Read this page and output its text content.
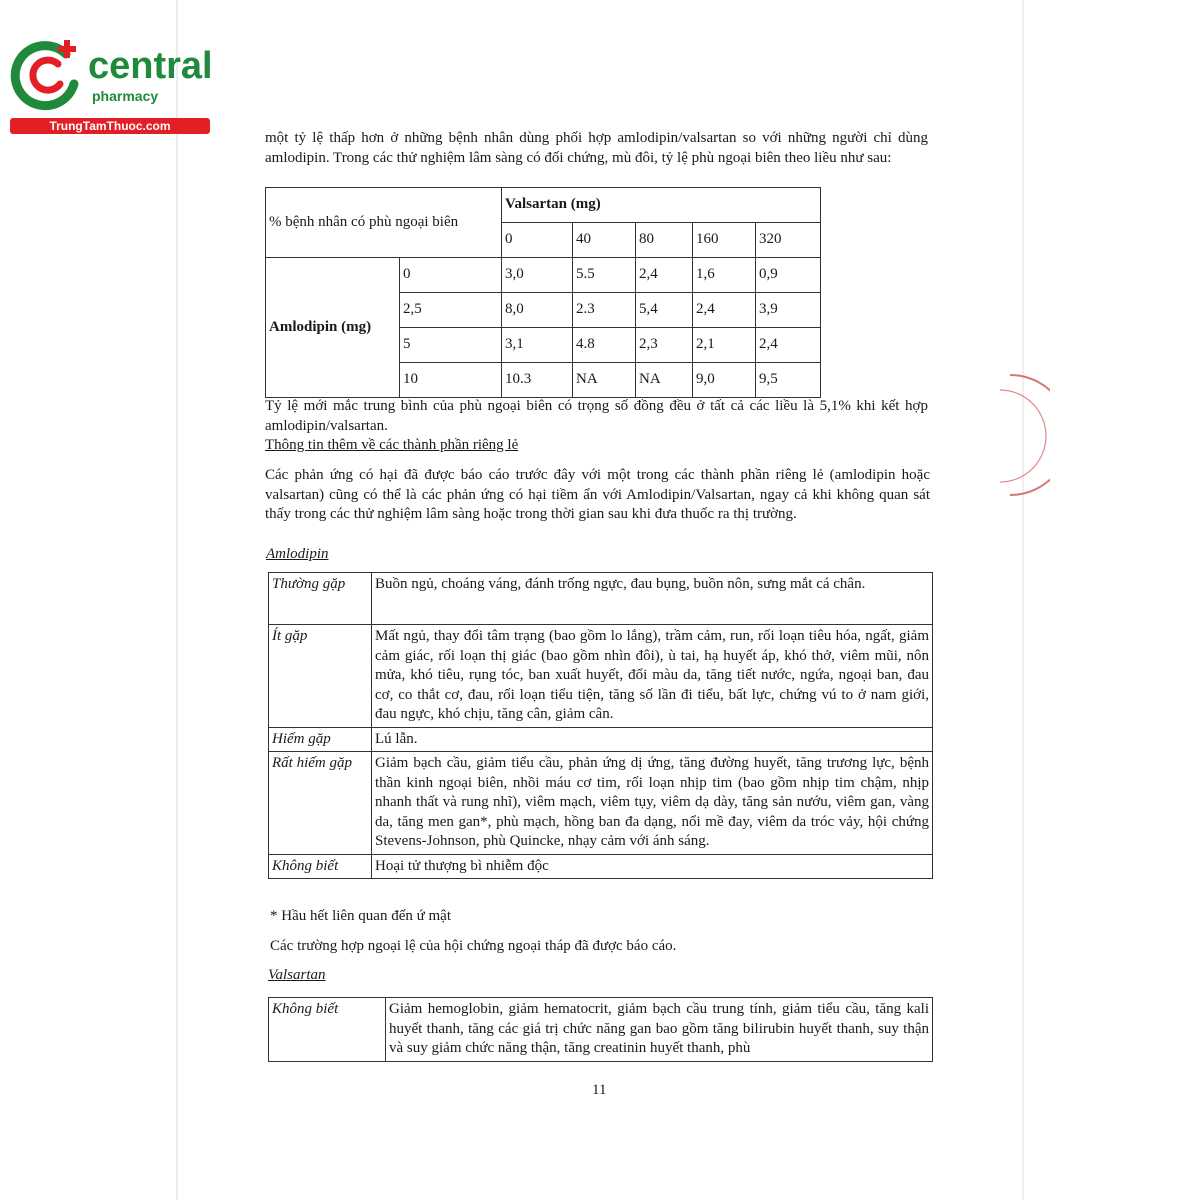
central
pharmacy
TrungTamThuoc.com
một tỷ lệ thấp hơn ở những bệnh nhân dùng phối hợp amlodipin/valsartan so với những người chỉ dùng amlodipin. Trong các thử nghiệm lâm sàng có đối chứng, mù đôi, tỷ lệ phù ngoại biên theo liều như sau:
% bệnh nhân có phù ngoại biên		Valsartan (mg)				
		0	40	80	160	320
Amlodipin (mg)	0	3,0	5.5	2,4	1,6	0,9
	2,5	8,0	2.3	5,4	2,4	3,9
	5	3,1	4.8	2,3	2,1	2,4
	10	10.3	NA	NA	9,0	9,5
Tỷ lệ mới mắc trung bình của phù ngoại biên có trọng số đồng đều ở tất cả các liều là 5,1% khi kết hợp amlodipin/valsartan.
Thông tin thêm về các thành phần riêng lẻ
Các phản ứng có hại đã được báo cáo trước đây với một trong các thành phần riêng lẻ (amlodipin hoặc valsartan) cũng có thể là các phản ứng có hại tiềm ẩn với Amlodipin/Valsartan, ngay cả khi không quan sát thấy trong các thử nghiệm lâm sàng hoặc trong thời gian sau khi đưa thuốc ra thị trường.
Amlodipin
Thường gặp	Buồn ngủ, choáng váng, đánh trống ngực, đau bụng, buồn nôn, sưng mắt cá chân.
Ít gặp	Mất ngủ, thay đổi tâm trạng (bao gồm lo lắng), trầm cảm, run, rối loạn tiêu hóa, ngất, giảm cảm giác, rối loạn thị giác (bao gồm nhìn đôi), ù tai, hạ huyết áp, khó thở, viêm mũi, nôn mửa, khó tiêu, rụng tóc, ban xuất huyết, đổi màu da, tăng tiết nước, ngứa, ngoại ban, đau cơ, co thắt cơ, đau, rối loạn tiểu tiện, tăng số lần đi tiểu, bất lực, chứng vú to ở nam giới, đau ngực, khó chịu, tăng cân, giảm cân.
Hiếm gặp	Lú lẫn.
Rất hiếm gặp	Giảm bạch cầu, giảm tiểu cầu, phản ứng dị ứng, tăng đường huyết, tăng trương lực, bệnh thần kinh ngoại biên, nhồi máu cơ tim, rối loạn nhịp tim (bao gồm nhịp tim chậm, nhịp nhanh thất và rung nhĩ), viêm mạch, viêm tụy, viêm dạ dày, tăng sản nướu, viêm gan, vàng da, tăng men gan*, phù mạch, hồng ban đa dạng, nổi mề đay, viêm da tróc vảy, hội chứng Stevens-Johnson, phù Quincke, nhạy cảm với ánh sáng.
Không biết	Hoại tử thượng bì nhiễm độc
* Hầu hết liên quan đến ứ mật
Các trường hợp ngoại lệ của hội chứng ngoại tháp đã được báo cáo.
Valsartan
Không biết	Giảm hemoglobin, giảm hematocrit, giảm bạch cầu trung tính, giảm tiểu cầu, tăng kali huyết thanh, tăng các giá trị chức năng gan bao gồm tăng bilirubin huyết thanh, suy thận và suy giảm chức năng thận, tăng creatinin huyết thanh, phù
11
